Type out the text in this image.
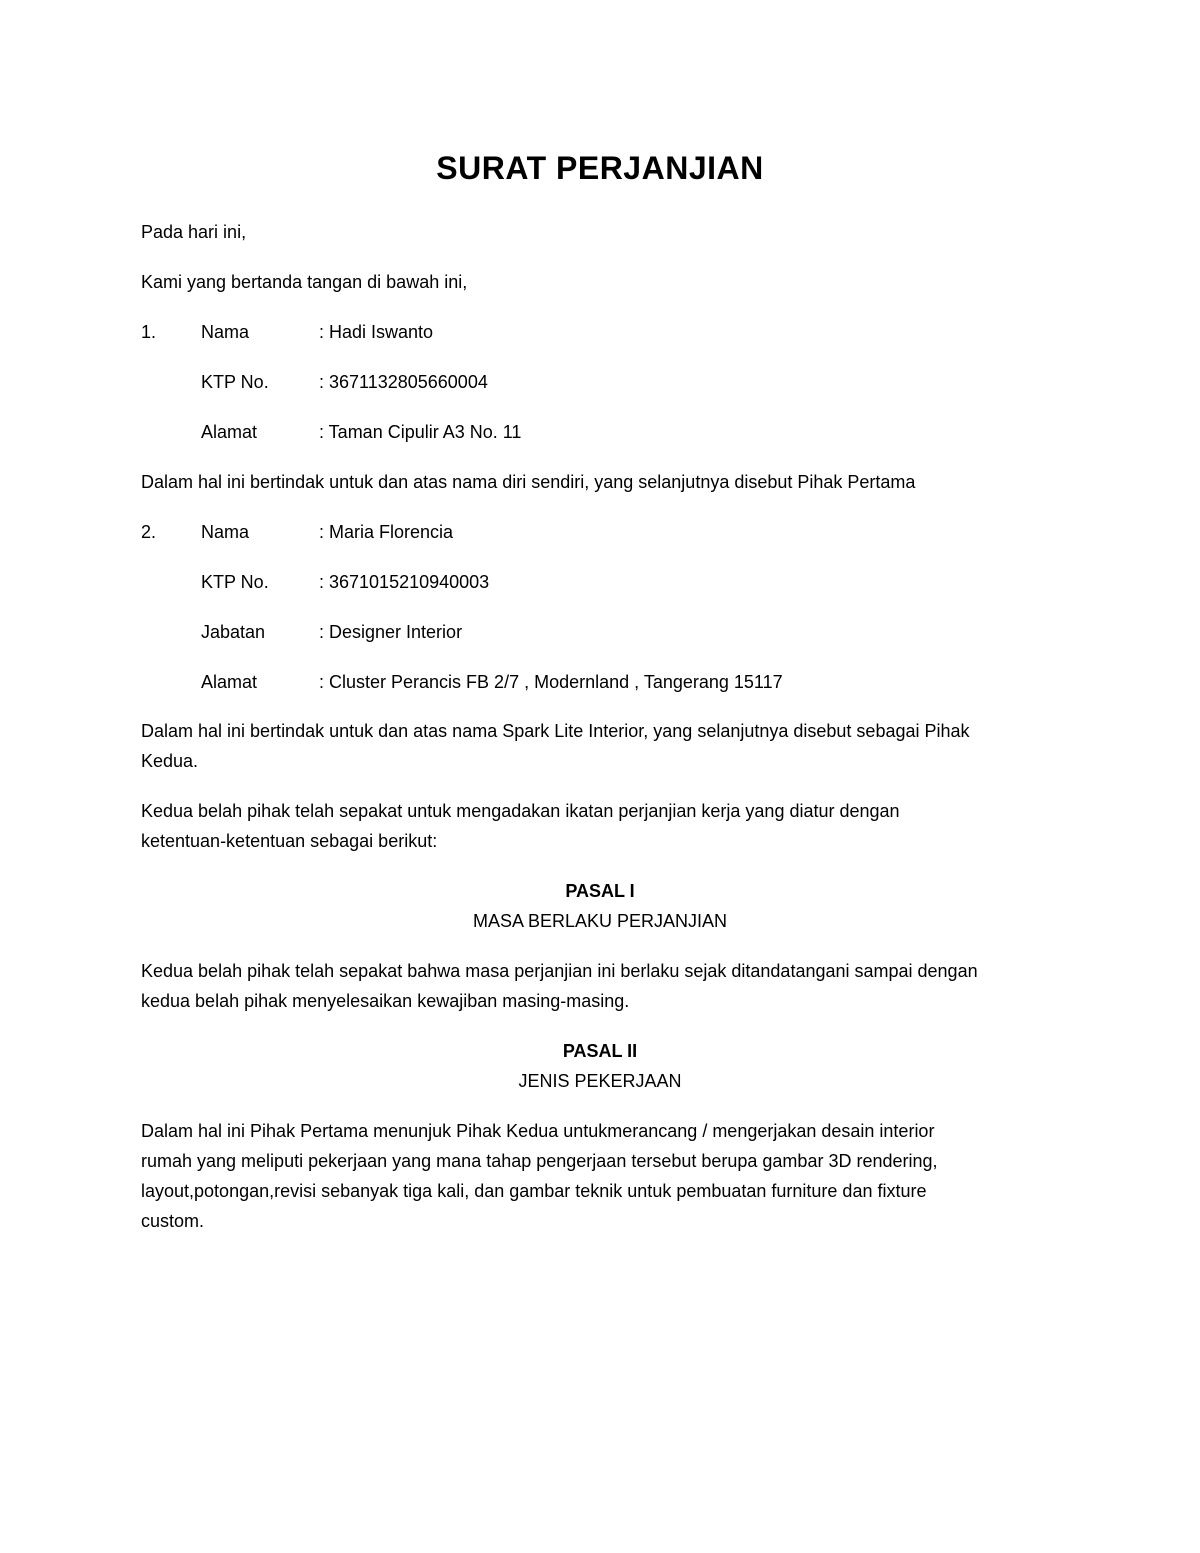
SURAT PERJANJIAN
Pada hari ini,
Kami yang bertanda tangan di bawah ini,
1. Nama	: Hadi Iswanto
KTP No.	: 3671132805660004
Alamat	: Taman Cipulir A3 No. 11
Dalam hal ini bertindak untuk dan atas nama diri sendiri, yang selanjutnya disebut Pihak Pertama
2. Nama	: Maria Florencia
KTP No.	: 3671015210940003
Jabatan	: Designer Interior
Alamat	: Cluster Perancis FB 2/7 , Modernland , Tangerang 15117
Dalam hal ini bertindak untuk dan atas nama Spark Lite Interior, yang selanjutnya disebut sebagai Pihak
Kedua.
Kedua belah pihak telah sepakat untuk mengadakan ikatan perjanjian kerja yang diatur dengan
ketentuan-ketentuan sebagai berikut:
PASAL I
MASA BERLAKU PERJANJIAN
Kedua belah pihak telah sepakat bahwa masa perjanjian ini berlaku sejak ditandatangani sampai dengan
kedua belah pihak menyelesaikan kewajiban masing-masing.
PASAL II
JENIS PEKERJAAN
Dalam hal ini Pihak Pertama menunjuk Pihak Kedua untukmerancang / mengerjakan desain interior
rumah yang meliputi pekerjaan yang mana tahap pengerjaan tersebut berupa gambar 3D rendering,
layout,potongan,revisi sebanyak tiga kali, dan gambar teknik untuk pembuatan furniture dan fixture
custom.
